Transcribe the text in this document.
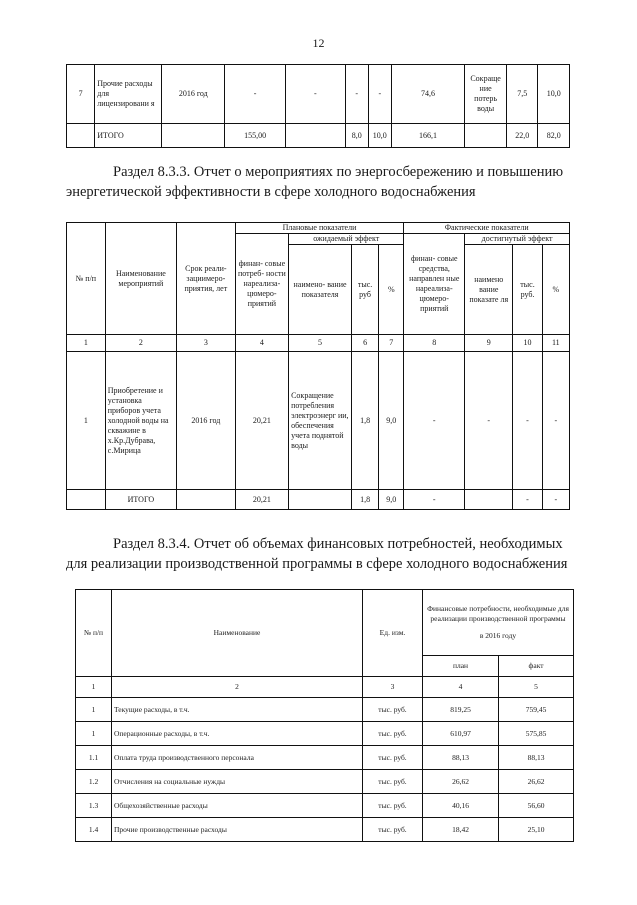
12
7	Прочие расходы для лицензировани я	2016 год	-	-	-	-	74,6	Сокраще ние потерь воды	7,5	10,0
	ИТОГО		155,00		8,0	10,0	166,1		22,0	82,0
Раздел 8.3.3. Отчет о мероприятиях по энергосбережению и повышению
энергетической эффективности в сфере холодного водоснабжения
№ п/п	Наименование мероприятий	Срок реали- зациимеро- приятия, лет	Плановые показатели				Фактические показатели			
			финан- совые потреб- ности нареализа- цюмеро- приятий	ожидаемый эффект			финан- совые средства, направлен ные нареализа- цюмеро- приятий	достигнутый эффект		
				наимено- вание показателя	тыс. руб	%		наимено вание показате ля	тыс. руб.	%
1	2	3	4	5	6	7	8	9	10	11
1	Приобретение и установка приборов учета холодной воды на скважине в х.Кр.Дубрава, с.Мирица	2016 год	20,21	Сокращение потребления электроэнерг ии, обеспечения учета поднятой воды	1,8	9,0	-	-	-	-
	ИТОГО		20,21		1,8	9,0	-		-	-
Раздел 8.3.4. Отчет об объемах финансовых потребностей, необходимых
для реализации производственной программы в сфере холодного водоснабжения
№ п/п	Наименование	Ед. изм.	Финансовые потребности, необходимые для реализации производственной программы
в 2016 году	

			план	факт
1	2	3	4	5
1	Текущие расходы, в т.ч.	тыс. руб.	819,25	759,45
1	Операционные расходы, в т.ч.	тыс. руб.	610,97	575,85
1.1	Оплата труда производственного персонала	тыс. руб.	88,13	88,13
1.2	Отчисления на социальные нужды	тыс. руб.	26,62	26,62
1.3	Общехозяйственные расходы	тыс. руб.	40,16	56,60
1.4	Прочие производственные расходы	тыс. руб.	18,42	25,10
